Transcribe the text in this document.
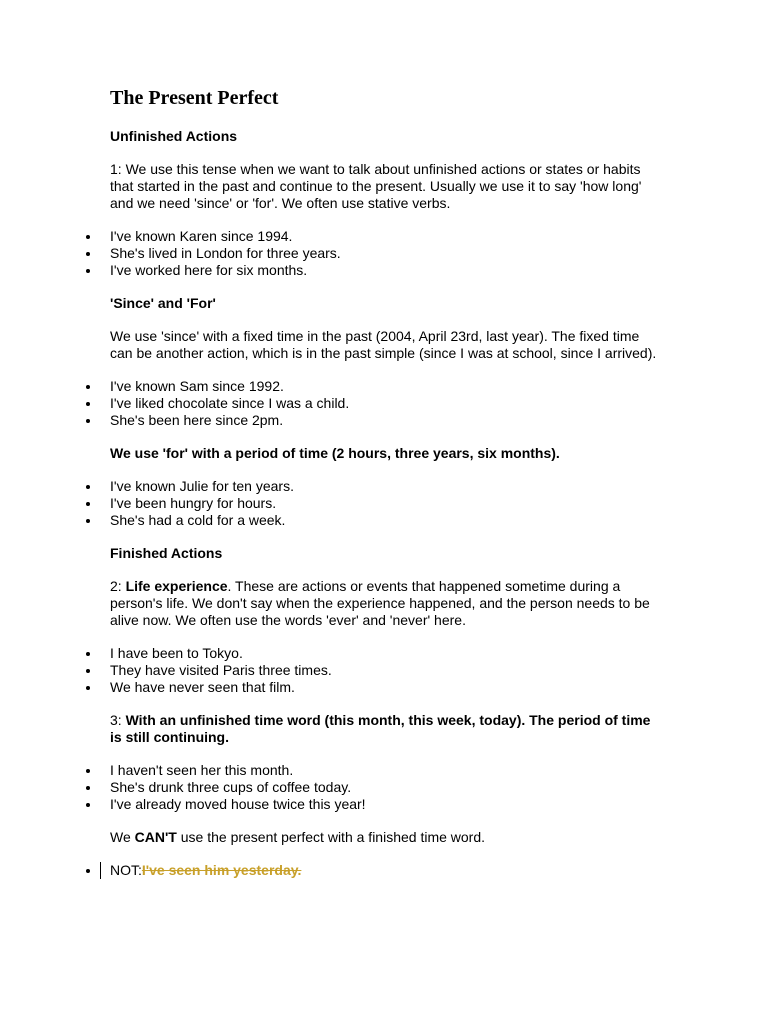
The Present Perfect
Unfinished Actions

1: We use this tense when we want to talk about unfinished actions or states or habits that started in the past and continue to the present. Usually we use it to say 'how long' and we need 'since' or 'for'. We often use stative verbs.

I've known Karen since 1994.
She's lived in London for three years.
I've worked here for six months.
'Since' and 'For'

We use 'since' with a fixed time in the past (2004, April 23rd, last year). The fixed time can be another action, which is in the past simple (since I was at school, since I arrived).

I've known Sam since 1992.
I've liked chocolate since I was a child.
She's been here since 2pm.
We use 'for' with a period of time (2 hours, three years, six months).
I've known Julie for ten years.
I've been hungry for hours.
She's had a cold for a week.
Finished Actions

2: Life experience. These are actions or events that happened sometime during a person's life. We don't say when the experience happened, and the person needs to be alive now. We often use the words 'ever' and 'never' here.

I have been to Tokyo.
They have visited Paris three times.
We have never seen that film.

3: With an unfinished time word (this month, this week, today). The period of time is still continuing.

I haven't seen her this month.
She's drunk three cups of coffee today.
I've already moved house twice this year!

We CAN'T use the present perfect with a finished time word.

NOT:I've seen him yesterday.
